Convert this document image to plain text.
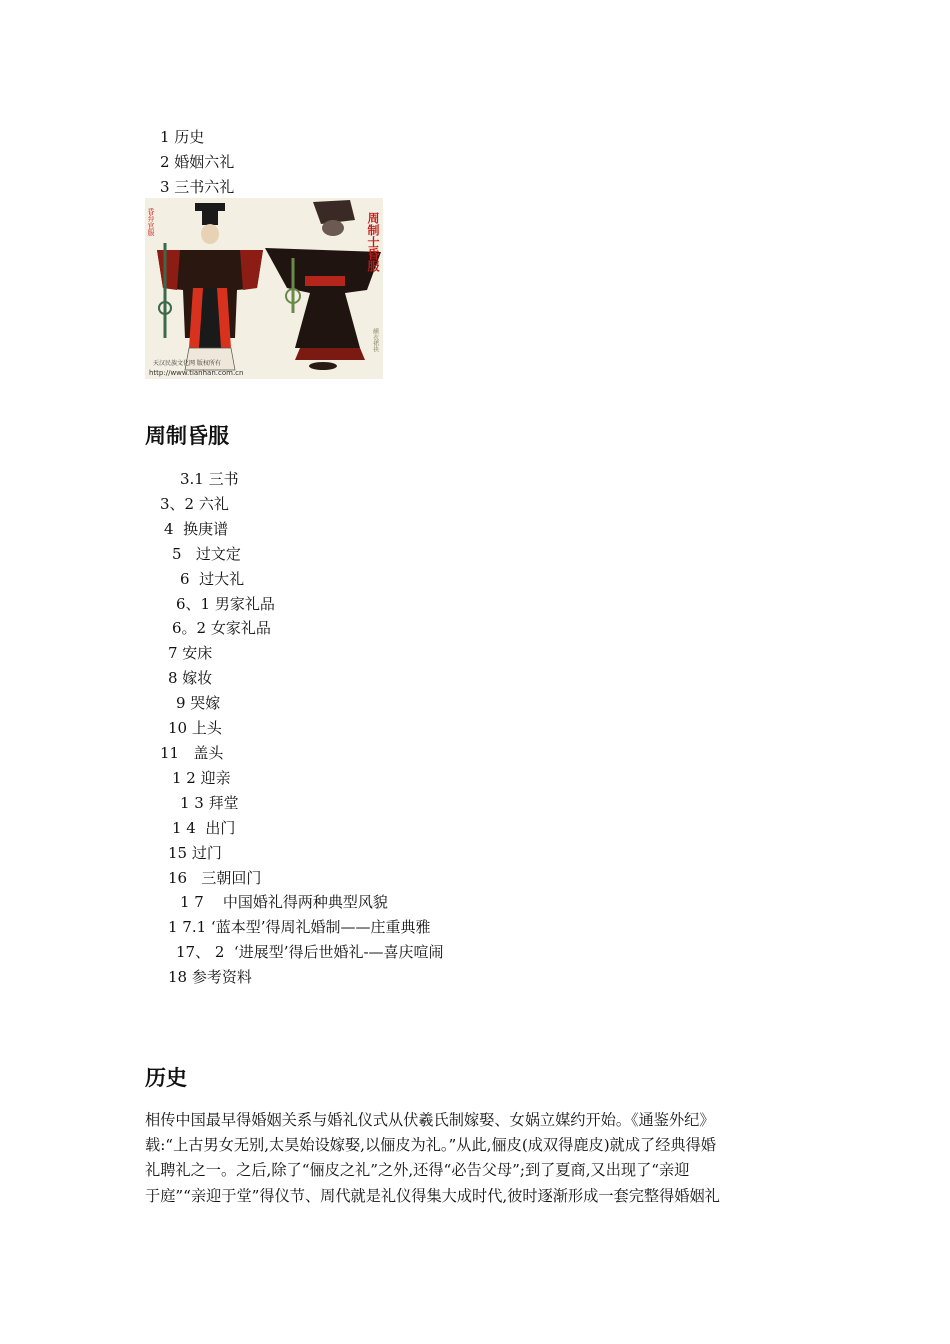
1 历史
2 婚姻六礼
3 三书六礼
周制士昏服
昏弁官服
纁衣裙袂
天汉民族文化网 版权所有
http://www.tianhan.com.cn
周制昏服
3.1 三书
3、2 六礼
4  换庚谱
5   过文定
6  过大礼
6、1 男家礼品
6。2 女家礼品
7 安床
8 嫁妆
9 哭嫁
10 上头
11   盖头
1 2 迎亲
1 3 拜堂
1 4  出门
15 过门
16   三朝回门
1 7    中国婚礼得两种典型风貌
1 7.1 ‘蓝本型’得周礼婚制——庄重典雅
17、 2  ‘进展型’得后世婚礼-—喜庆喧闹
18 参考资料
历史
相传中国最早得婚姻关系与婚礼仪式从伏羲氏制嫁娶、女娲立媒约开始。《通鉴外纪》
载:“上古男女无别,太昊始设嫁娶,以俪皮为礼。”从此,俪皮(成双得鹿皮)就成了经典得婚
礼聘礼之一。之后,除了“俪皮之礼”之外,还得“必告父母”;到了夏商,又出现了“亲迎
于庭”“亲迎于堂”得仪节、周代就是礼仪得集大成时代,彼时逐渐形成一套完整得婚姻礼
